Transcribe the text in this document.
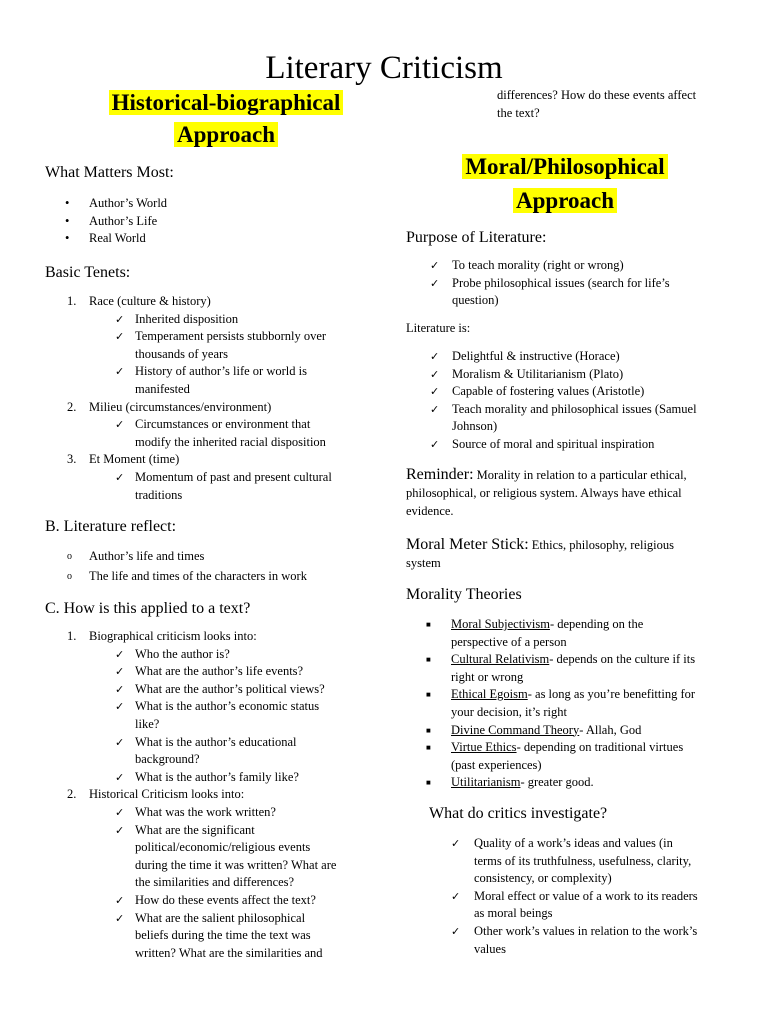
Literary Criticism
Historical-biographical
Approach
What Matters Most:
• Author’s World
• Author’s Life
• Real World
Basic Tenets:
1. Race (culture & history)
✓ Inherited disposition
✓ Temperament persists stubbornly over
thousands of years
✓ History of author’s life or world is
manifested
2. Milieu (circumstances/environment)
✓ Circumstances or environment that
modify the inherited racial disposition
3. Et Moment (time)
✓ Momentum of past and present cultural
traditions
B. Literature reflect:
o Author’s life and times
o The life and times of the characters in work
C. How is this applied to a text?
1. Biographical criticism looks into:
✓ Who the author is?
✓ What are the author’s life events?
✓ What are the author’s political views?
✓ What is the author’s economic status
like?
✓ What is the author’s educational
background?
✓ What is the author’s family like?
2. Historical Criticism looks into:
✓ What was the work written?
✓ What are the significant
political/economic/religious events
during the time it was written? What are
the similarities and differences?
✓ How do these events affect the text?
✓ What are the salient philosophical
beliefs during the time the text was
written? What are the similarities and
differences? How do these events affect
the text?
Moral/Philosophical
Approach
Purpose of Literature:
✓ To teach morality (right or wrong)
✓ Probe philosophical issues (search for life’s
question)
Literature is:
✓ Delightful & instructive (Horace)
✓ Moralism & Utilitarianism (Plato)
✓ Capable of fostering values (Aristotle)
✓ Teach morality and philosophical issues (Samuel
Johnson)
✓ Source of moral and spiritual inspiration
Reminder: Morality in relation to a particular ethical,
philosophical, or religious system. Always have ethical
evidence.
Moral Meter Stick: Ethics, philosophy, religious
system
Morality Theories
■ Moral Subjectivism- depending on the
perspective of a person
■ Cultural Relativism- depends on the culture if its
right or wrong
■ Ethical Egoism- as long as you’re benefitting for
your decision, it’s right
■ Divine Command Theory- Allah, God
■ Virtue Ethics- depending on traditional virtues
(past experiences)
■ Utilitarianism- greater good.
What do critics investigate?
✓ Quality of a work’s ideas and values (in
terms of its truthfulness, usefulness, clarity,
consistency, or complexity)
✓ Moral effect or value of a work to its readers
as moral beings
✓ Other work’s values in relation to the work’s
values
